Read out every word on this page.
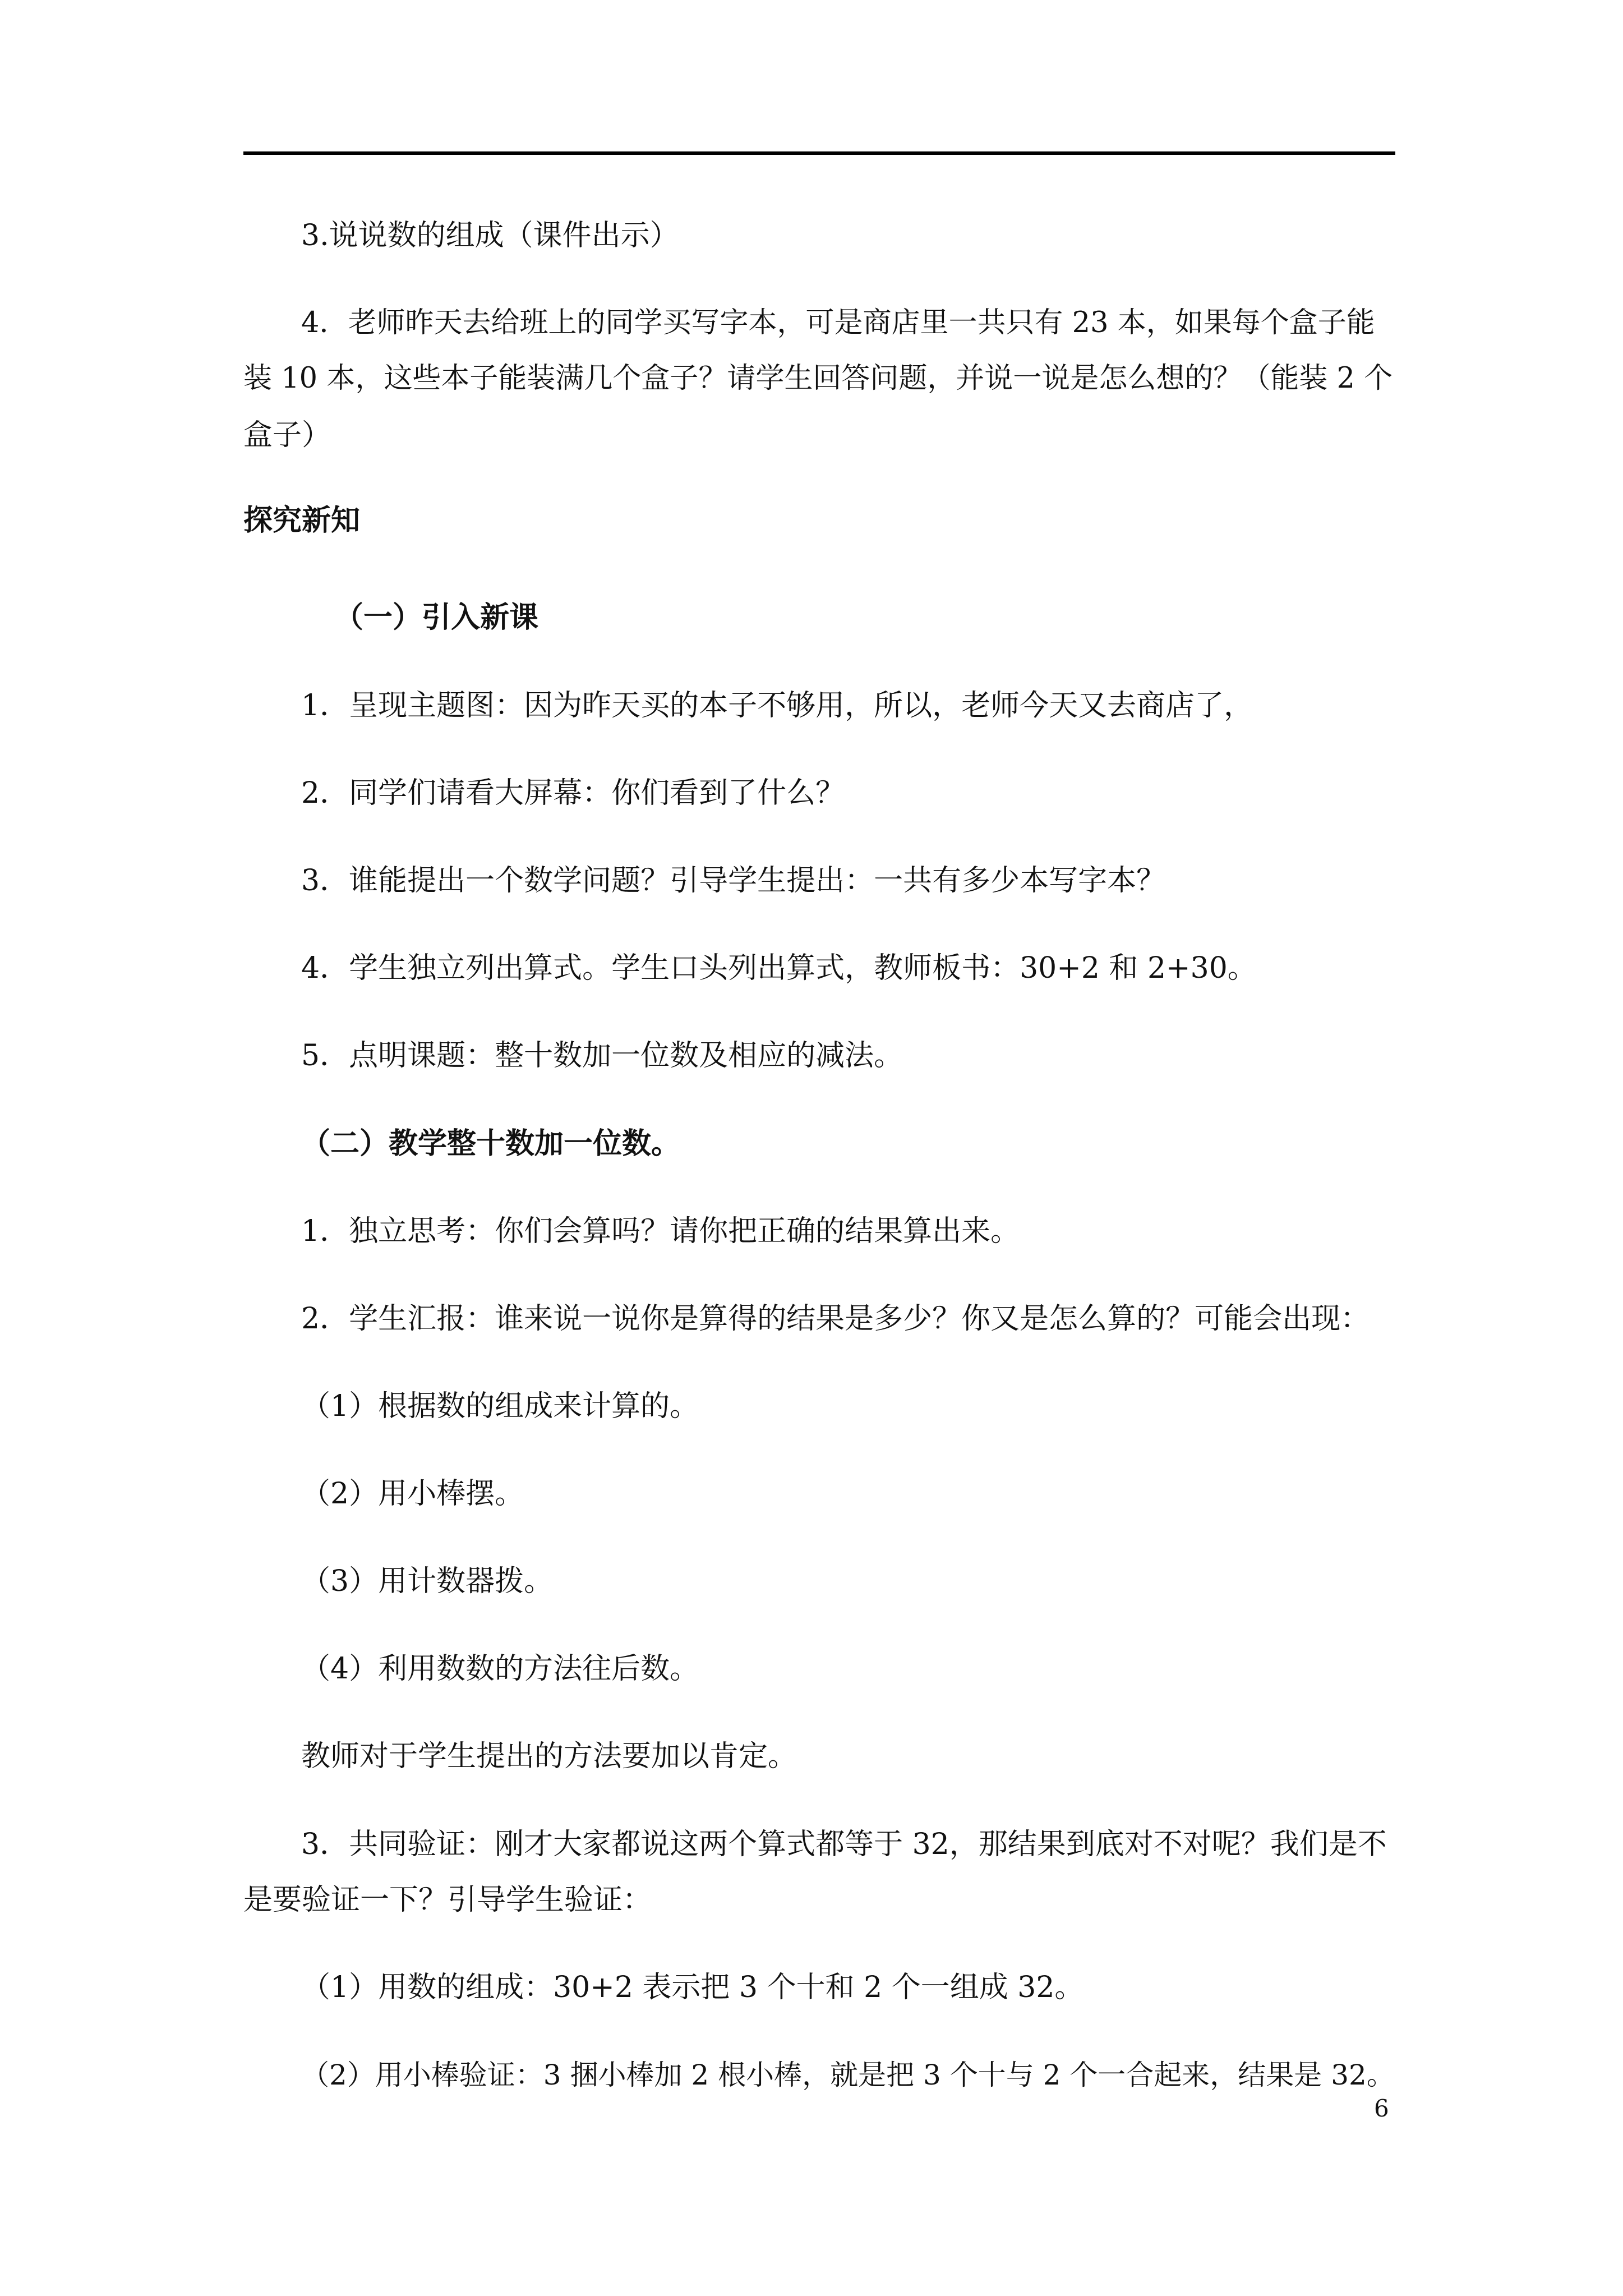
3.说说数的组成（课件出示）

4．老师昨天去给班上的同学买写字本，可是商店里一共只有 23 本，如果每个盒子能

装 10 本，这些本子能装满几个盒子？请学生回答问题，并说一说是怎么想的？（能装 2 个

盒子）

探究新知

（一）引入新课

1．呈现主题图：因为昨天买的本子不够用，所以，老师今天又去商店了，

2．同学们请看大屏幕：你们看到了什么？

3．谁能提出一个数学问题？引导学生提出：一共有多少本写字本？

4．学生独立列出算式。学生口头列出算式，教师板书：30+2 和 2+30。

5．点明课题：整十数加一位数及相应的减法。

（二）教学整十数加一位数。

1．独立思考：你们会算吗？请你把正确的结果算出来。

2．学生汇报：谁来说一说你是算得的结果是多少？你又是怎么算的？可能会出现：

（1）根据数的组成来计算的。

（2）用小棒摆。

（3）用计数器拨。

（4）利用数数的方法往后数。

教师对于学生提出的方法要加以肯定。

3．共同验证：刚才大家都说这两个算式都等于 32，那结果到底对不对呢？我们是不

是要验证一下？引导学生验证：

（1）用数的组成：30+2 表示把 3 个十和 2 个一组成 32。

（2）用小棒验证：3 捆小棒加 2 根小棒，就是把 3 个十与 2 个一合起来，结果是 32。

6
